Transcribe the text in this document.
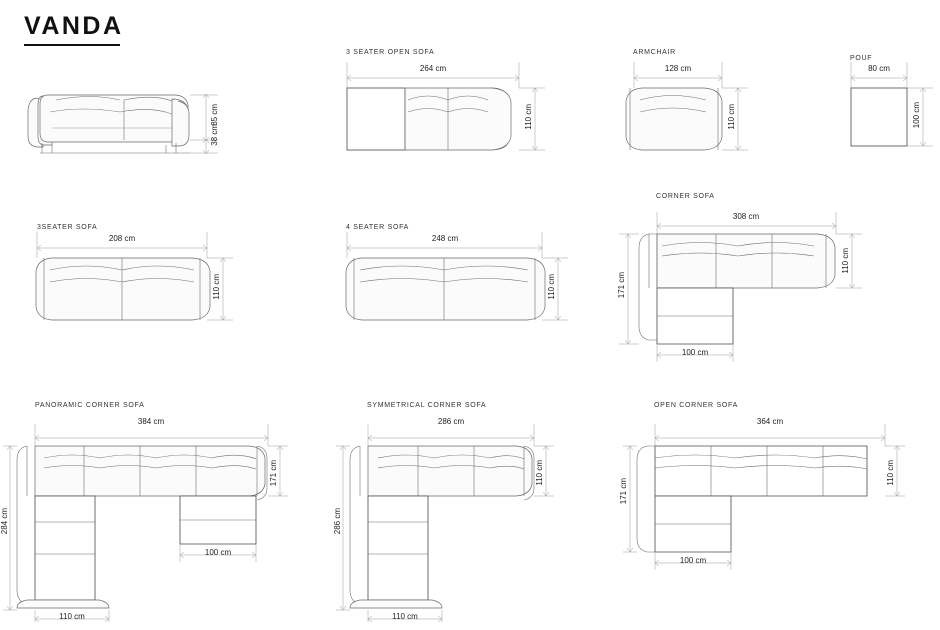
VANDA
3 SEATER OPEN SOFA	ARMCHAIR
POUF
3SEATER SOFA	4 SEATER SOFA
CORNER SOFA
PANORAMIC CORNER SOFA	SYMMETRICAL CORNER SOFA	OPEN CORNER SOFA
85 cm
38 cm
264 cm
110 cm
128 cm
110 cm
80 cm
100 cm
208 cm
110 cm
248 cm
110 cm
308 cm
110 cm
171 cm
100 cm
384 cm
171 cm
284 cm
100 cm
110 cm
286 cm
110 cm
286 cm
110 cm
364 cm
110 cm
171 cm
100 cm
